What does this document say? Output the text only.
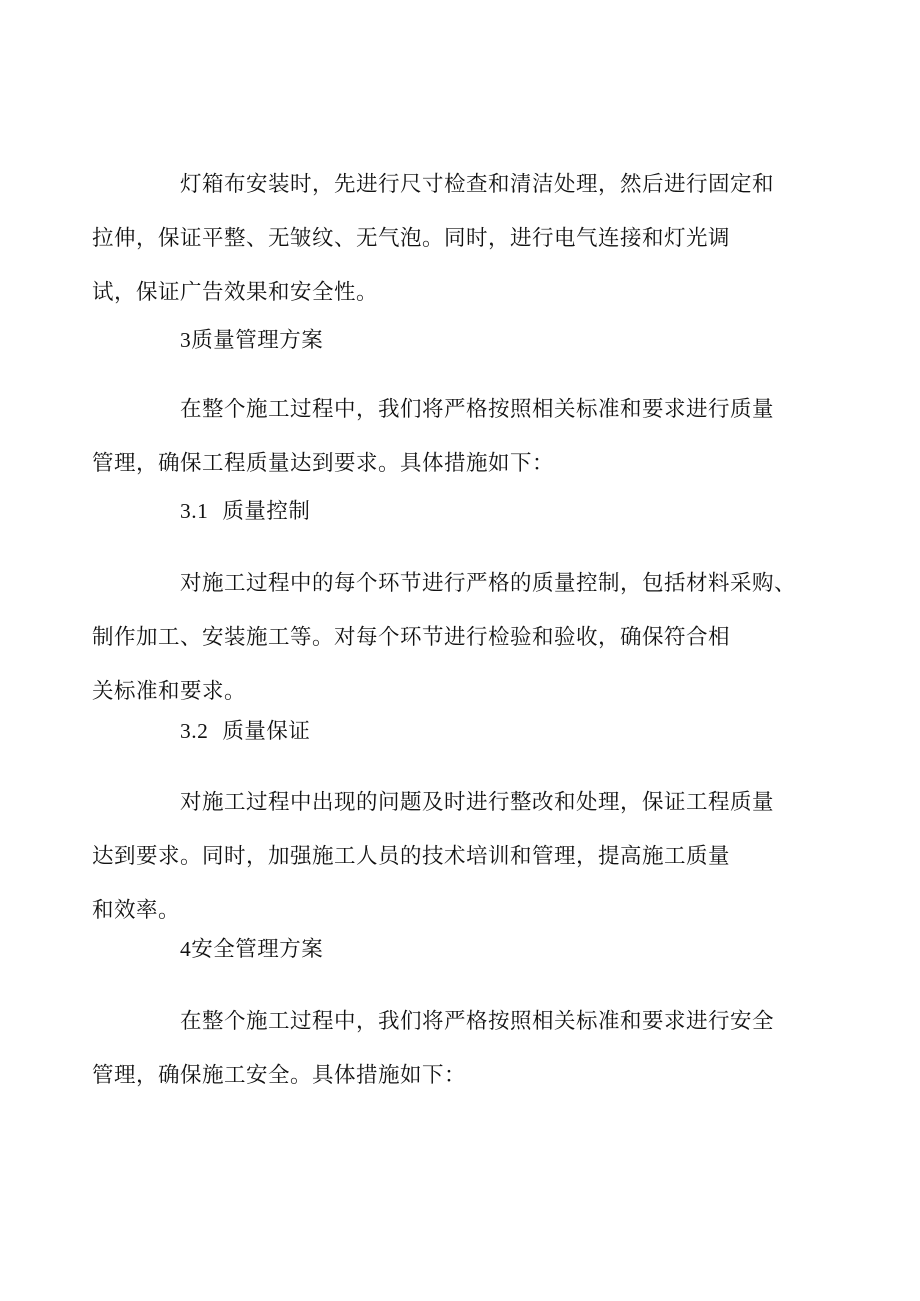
灯箱布安装时，先进行尺寸检查和清洁处理，然后进行固定和
拉伸，保证平整、无皱纹、无气泡。同时，进行电气连接和灯光调
试，保证广告效果和安全性。

3质量管理方案

在整个施工过程中，我们将严格按照相关标准和要求进行质量
管理，确保工程质量达到要求。具体措施如下：

3.1 质量控制

对施工过程中的每个环节进行严格的质量控制，包括材料采购、
制作加工、安装施工等。对每个环节进行检验和验收，确保符合相
关标准和要求。

3.2 质量保证

对施工过程中出现的问题及时进行整改和处理，保证工程质量
达到要求。同时，加强施工人员的技术培训和管理，提高施工质量
和效率。

4安全管理方案

在整个施工过程中，我们将严格按照相关标准和要求进行安全
管理，确保施工安全。具体措施如下：
